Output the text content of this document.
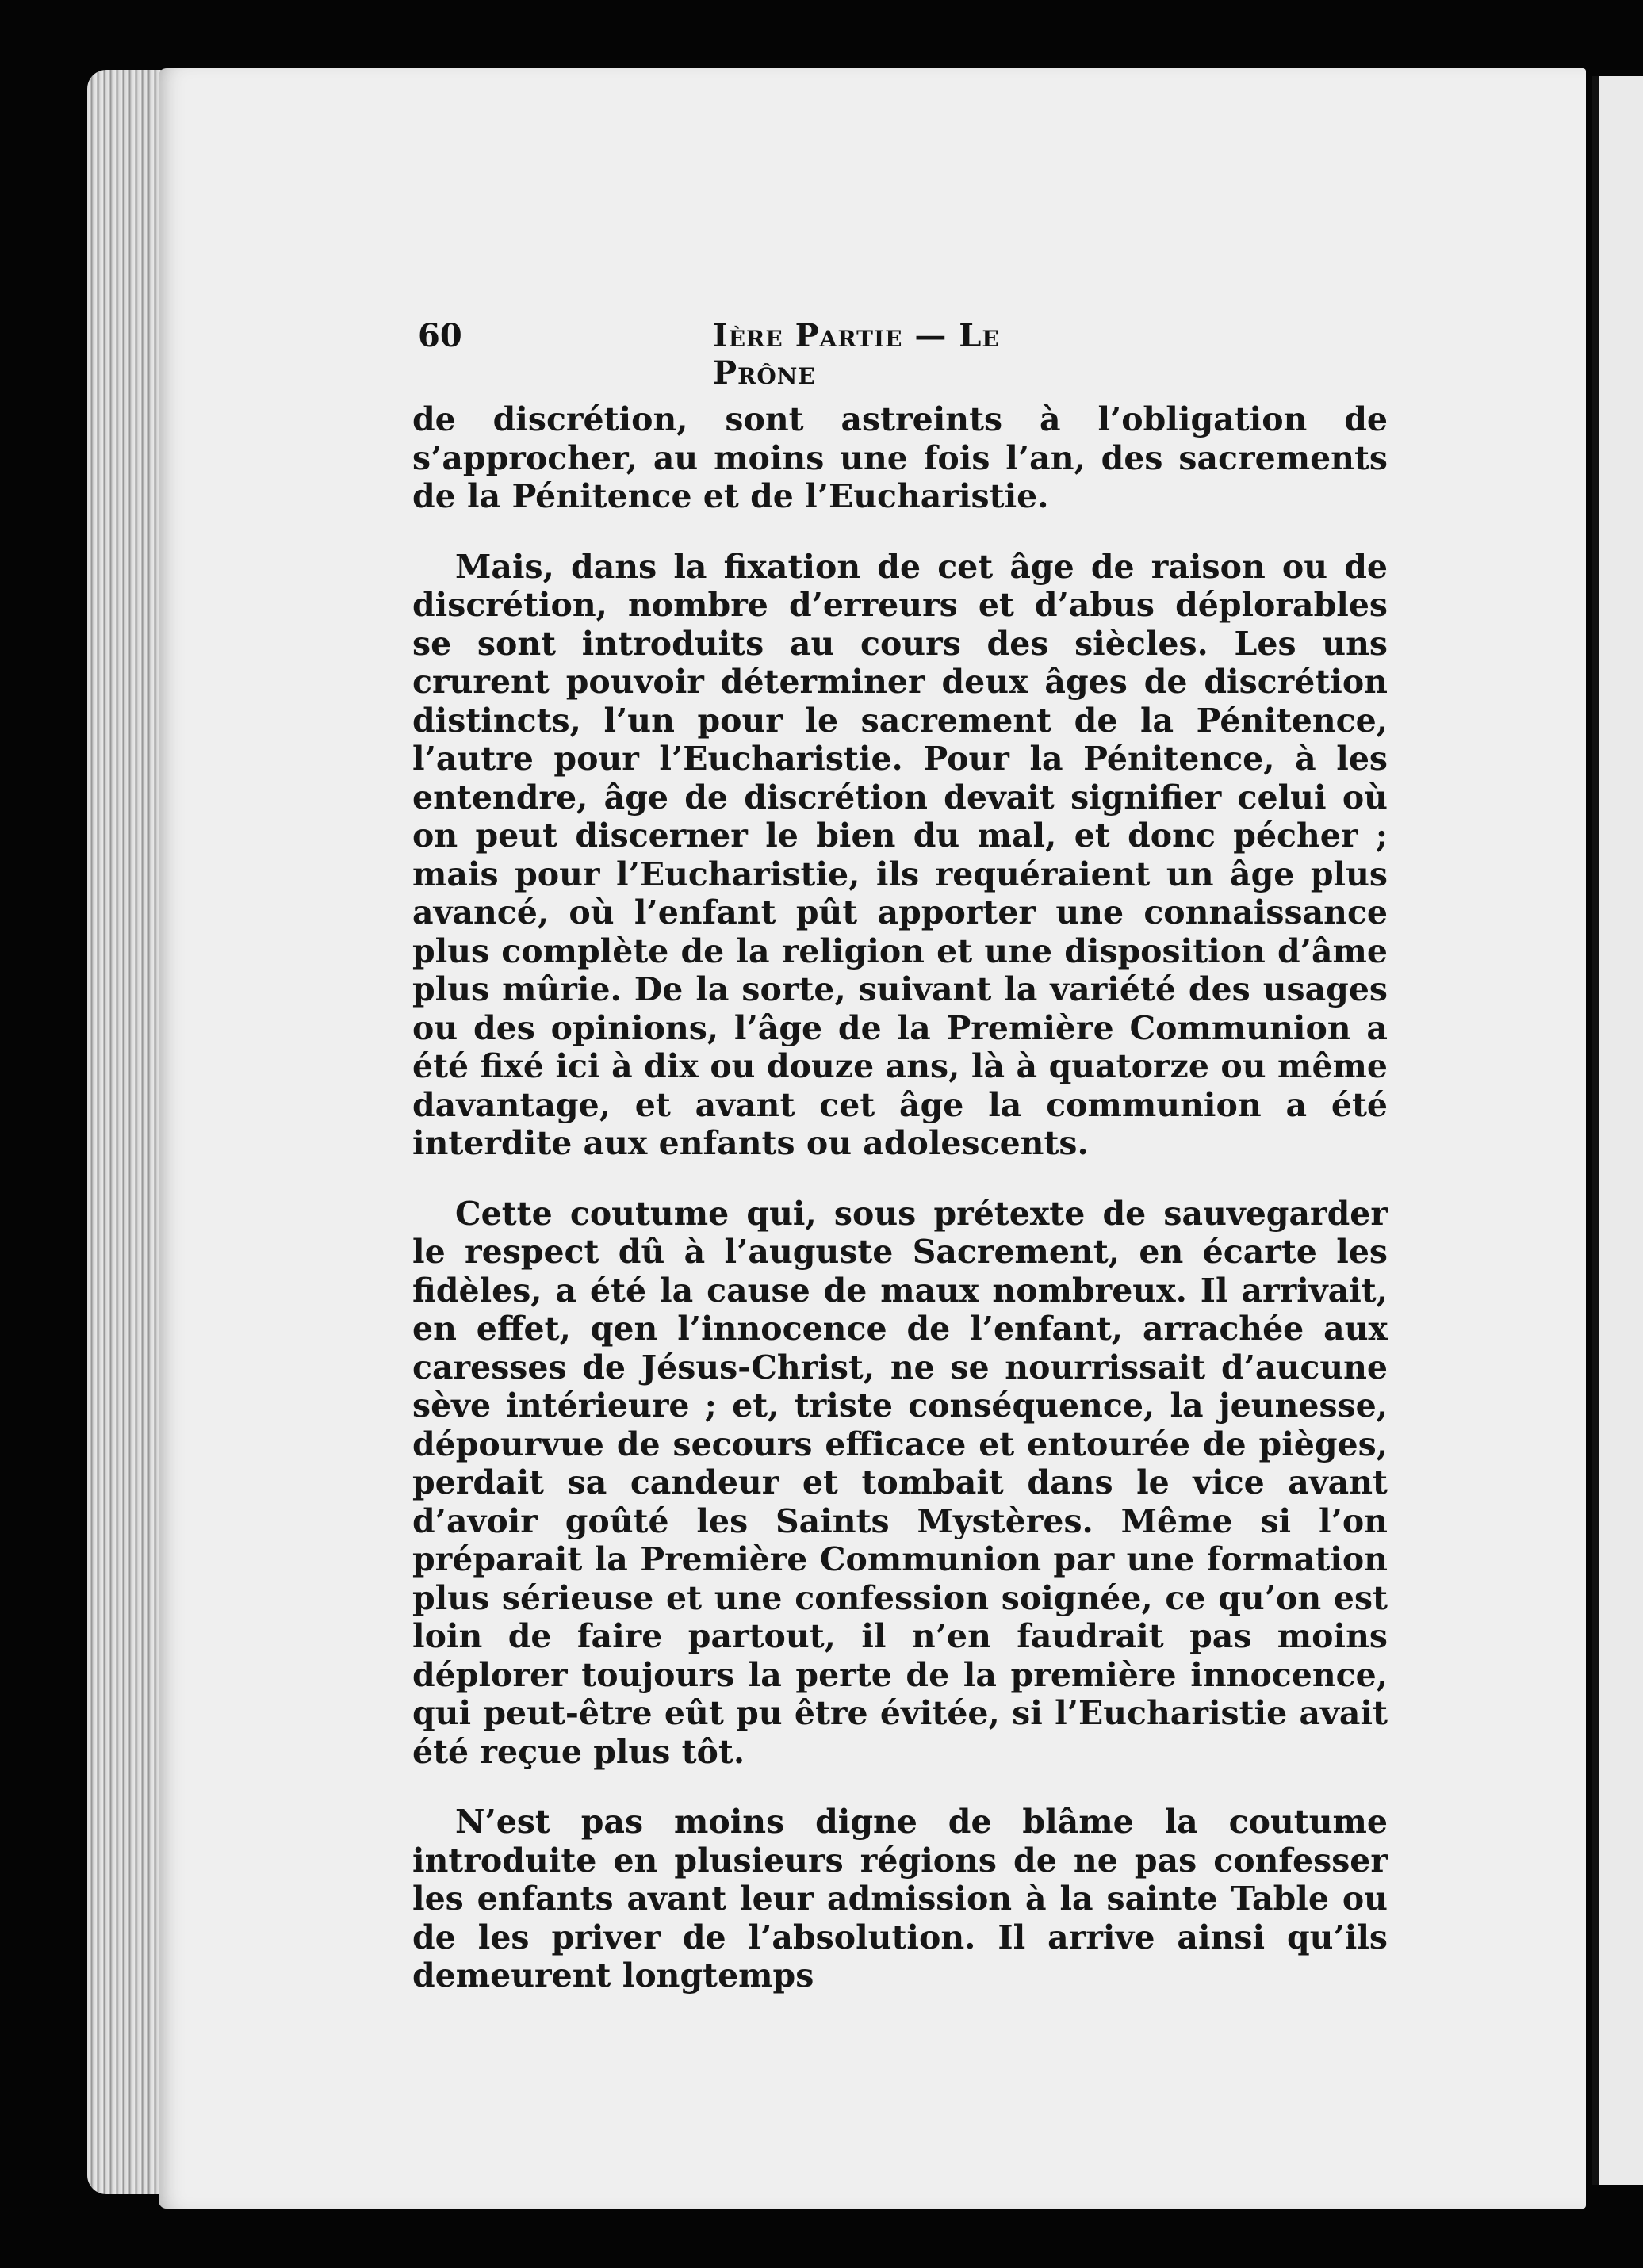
60	Ière Partie — Le Prône

de discrétion, sont astreints à l’obligation de s’approcher, au moins une fois l’an, des sacrements de la Pénitence et de l’Eucharistie.

Mais, dans la fixation de cet âge de raison ou de discrétion, nombre d’erreurs et d’abus déplorables se sont introduits au cours des siècles. Les uns crurent pouvoir déterminer deux âges de discrétion distincts, l’un pour le sacrement de la Pénitence, l’autre pour l’Eucharistie. Pour la Pénitence, à les entendre, âge de discrétion devait signifier celui où on peut discerner le bien du mal, et donc pécher ; mais pour l’Eucharistie, ils requéraient un âge plus avancé, où l’enfant pût apporter une connaissance plus complète de la religion et une disposition d’âme plus mûrie. De la sorte, suivant la variété des usages ou des opinions, l’âge de la Première Communion a été fixé ici à dix ou douze ans, là à quatorze ou même davantage, et avant cet âge la communion a été interdite aux enfants ou adolescents.

Cette coutume qui, sous prétexte de sauvegarder le respect dû à l’auguste Sacrement, en écarte les fidèles, a été la cause de maux nombreux. Il arrivait, en effet, qen l’innocence de l’enfant, arrachée aux caresses de Jésus-Christ, ne se nourrissait d’aucune sève intérieure ; et, triste conséquence, la jeunesse, dépourvue de secours efficace et entourée de pièges, perdait sa candeur et tombait dans le vice avant d’avoir goûté les Saints Mystères. Même si l’on préparait la Première Communion par une formation plus sérieuse et une confession soignée, ce qu’on est loin de faire partout, il n’en faudrait pas moins déplorer toujours la perte de la première innocence, qui peut-être eût pu être évitée, si l’Eucharistie avait été reçue plus tôt.

N’est pas moins digne de blâme la coutume introduite en plusieurs régions de ne pas confesser les enfants avant leur admission à la sainte Table ou de les priver de l’absolution. Il arrive ainsi qu’ils demeurent longtemps
